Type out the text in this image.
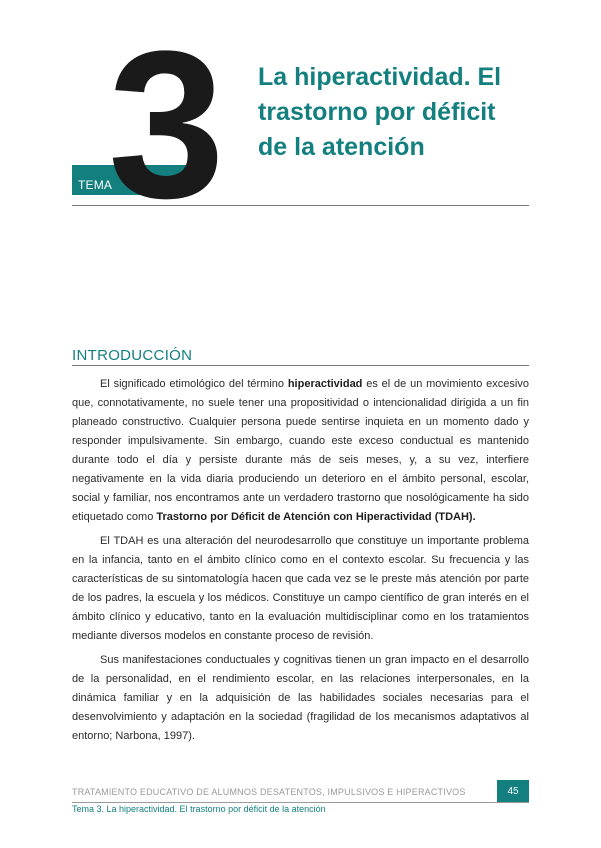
TEMA
3 La hiperactividad. El
trastorno por déficit
de la atención
INTRODUCCIÓN

El significado etimológico del término hiperactividad es el de un movimiento excesivo que, connotativamente, no suele tener una propositividad o intencionalidad dirigida a un fin planeado constructivo. Cualquier persona puede sentirse inquieta en un momento dado y responder impulsivamente. Sin embargo, cuando este exceso conductual es mantenido durante todo el día y persiste durante más de seis meses, y, a su vez, interfiere negativamente en la vida diaria produciendo un deterioro en el ámbito personal, escolar, social y familiar, nos encontramos ante un verdadero trastorno que nosológicamente ha sido etiquetado como Trastorno por Déficit de Atención con Hiperactividad (TDAH).

El TDAH es una alteración del neurodesarrollo que constituye un importante problema en la infancia, tanto en el ámbito clínico como en el contexto escolar. Su frecuencia y las características de su sintomatología hacen que cada vez se le preste más atención por parte de los padres, la escuela y los médicos. Constituye un campo científico de gran interés en el ámbito clínico y educativo, tanto en la evaluación multidisciplinar como en los tratamientos mediante diversos modelos en constante proceso de revisión.

Sus manifestaciones conductuales y cognitivas tienen un gran impacto en el desarrollo de la personalidad, en el rendimiento escolar, en las relaciones interpersonales, en la dinámica familiar y en la adquisición de las habilidades sociales necesarias para el desenvolvimiento y adaptación en la sociedad (fragilidad de los mecanismos adaptativos al entorno; Narbona, 1997).

TRATAMIENTO EDUCATIVO DE ALUMNOS DESATENTOS, IMPULSIVOS E HIPERACTIVOS
Tema 3. La hiperactividad. El trastorno por déficit de la atención
45
